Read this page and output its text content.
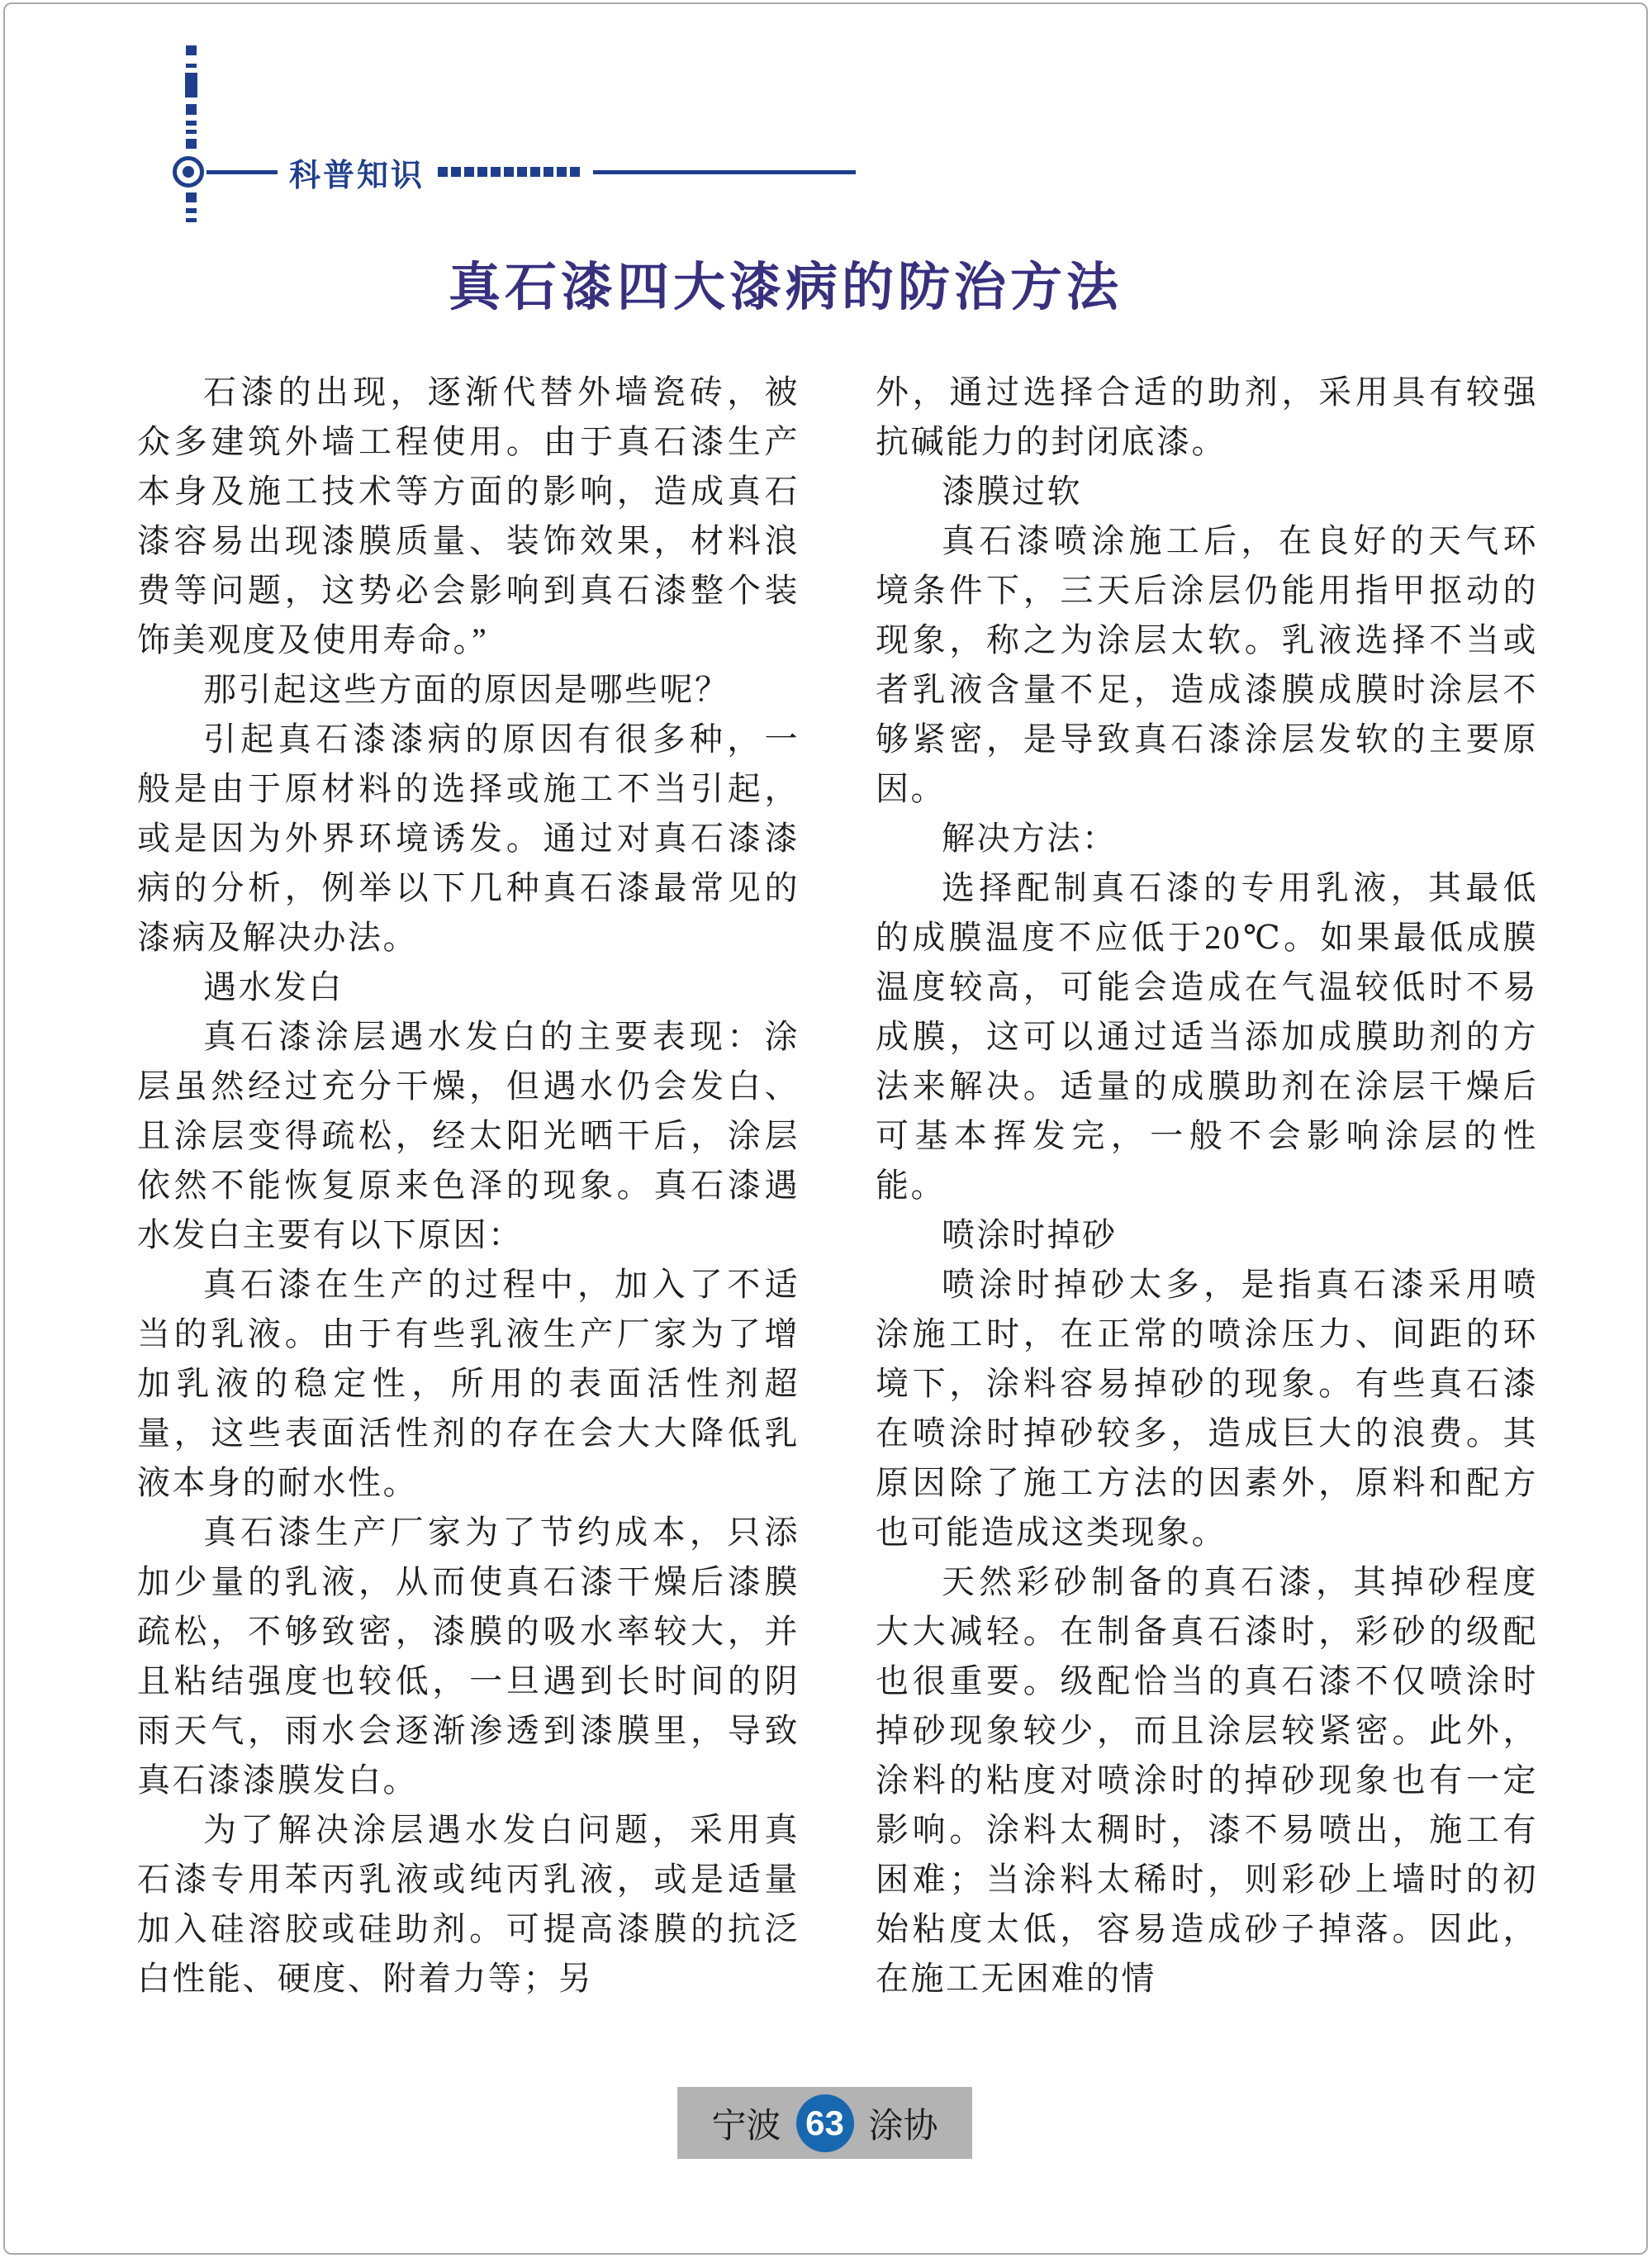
科普知识
真石漆四大漆病的防治方法

石漆的出现，逐渐代替外墙瓷砖，被众多建筑外墙工程使用。由于真石漆生产本身及施工技术等方面的影响，造成真石漆容易出现漆膜质量、装饰效果，材料浪费等问题，这势必会影响到真石漆整个装饰美观度及使用寿命。”

那引起这些方面的原因是哪些呢？

引起真石漆漆病的原因有很多种，一般是由于原材料的选择或施工不当引起，或是因为外界环境诱发。通过对真石漆漆病的分析，例举以下几种真石漆最常见的漆病及解决办法。

遇水发白

真石漆涂层遇水发白的主要表现：涂层虽然经过充分干燥，但遇水仍会发白、且涂层变得疏松，经太阳光晒干后，涂层依然不能恢复原来色泽的现象。真石漆遇水发白主要有以下原因：

真石漆在生产的过程中，加入了不适当的乳液。由于有些乳液生产厂家为了增加乳液的稳定性，所用的表面活性剂超量，这些表面活性剂的存在会大大降低乳液本身的耐水性。

真石漆生产厂家为了节约成本，只添加少量的乳液，从而使真石漆干燥后漆膜疏松，不够致密，漆膜的吸水率较大，并且粘结强度也较低，一旦遇到长时间的阴雨天气，雨水会逐渐渗透到漆膜里，导致真石漆漆膜发白。

为了解决涂层遇水发白问题，采用真石漆专用苯丙乳液或纯丙乳液，或是适量加入硅溶胶或硅助剂。可提高漆膜的抗泛白性能、硬度、附着力等；另

外，通过选择合适的助剂，采用具有较强抗碱能力的封闭底漆。

漆膜过软

真石漆喷涂施工后，在良好的天气环境条件下，三天后涂层仍能用指甲抠动的现象，称之为涂层太软。乳液选择不当或者乳液含量不足，造成漆膜成膜时涂层不够紧密，是导致真石漆涂层发软的主要原因。

解决方法：

选择配制真石漆的专用乳液，其最低的成膜温度不应低于20℃。如果最低成膜温度较高，可能会造成在气温较低时不易成膜，这可以通过适当添加成膜助剂的方法来解决。适量的成膜助剂在涂层干燥后可基本挥发完，一般不会影响涂层的性能。

喷涂时掉砂

喷涂时掉砂太多，是指真石漆采用喷涂施工时，在正常的喷涂压力、间距的环境下，涂料容易掉砂的现象。有些真石漆在喷涂时掉砂较多，造成巨大的浪费。其原因除了施工方法的因素外，原料和配方也可能造成这类现象。

天然彩砂制备的真石漆，其掉砂程度大大减轻。在制备真石漆时，彩砂的级配也很重要。级配恰当的真石漆不仅喷涂时掉砂现象较少，而且涂层较紧密。此外，涂料的粘度对喷涂时的掉砂现象也有一定影响。涂料太稠时，漆不易喷出，施工有困难；当涂料太稀时，则彩砂上墙时的初始粘度太低，容易造成砂子掉落。因此，在施工无困难的情

宁波 63 涂协
